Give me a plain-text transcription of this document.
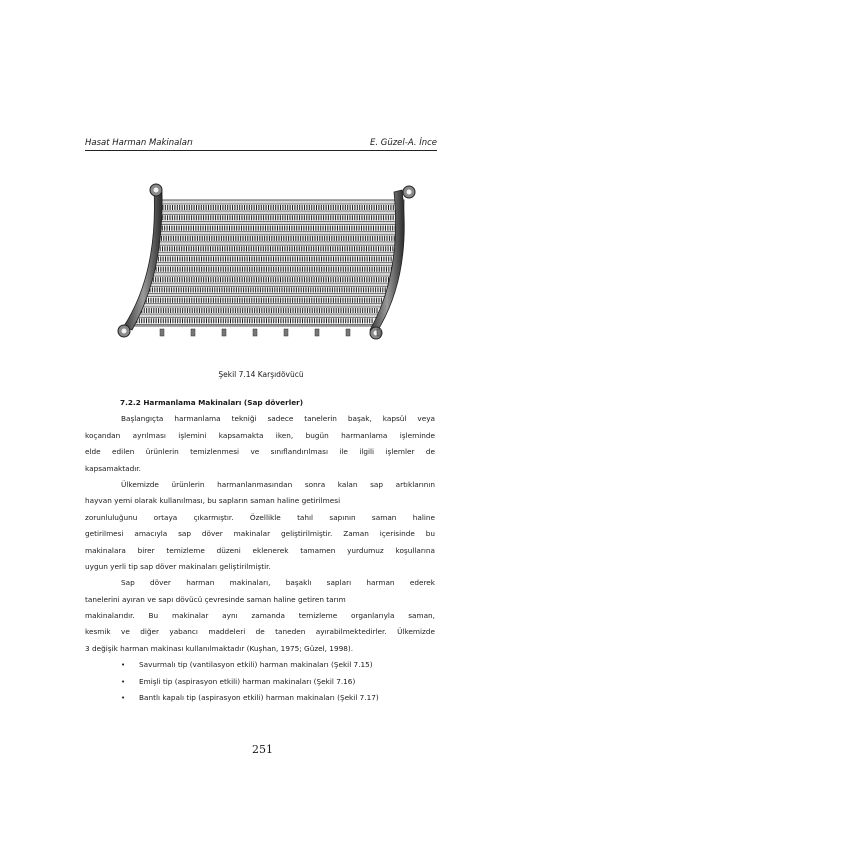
Hasat Harman Makinaları	E. Güzel-A. İnce
Şekil 7.14 Karşıdövücü
7.2.2 Harmanlama Makinaları (Sap döverler)
Başlangıçta harmanlama tekniği sadece tanelerin başak, kapsül veya
koçandan ayrılması işlemini kapsamakta iken, bugün harmanlama işleminde
elde edilen ürünlerin temizlenmesi ve sınıflandırılması ile ilgili işlemler de
kapsamaktadır.
Ülkemizde ürünlerin harmanlanmasından sonra kalan sap artıklarının
hayvan yemi olarak kullanılması, bu sapların saman haline getirilmesi
zorunluluğunu ortaya çıkarmıştır. Özellikle tahıl sapının saman haline
getirilmesi amacıyla sap döver makinalar geliştirilmiştir. Zaman içerisinde bu
makinalara birer temizleme düzeni eklenerek tamamen yurdumuz koşullarına
uygun yerli tip sap döver makinaları geliştirilmiştir.
Sap döver harman makinaları, başaklı sapları harman ederek
tanelerini ayıran ve sapı dövücü çevresinde saman haline getiren tarım
makinalarıdır. Bu makinalar aynı zamanda temizleme organlarıyla saman,
kesmik ve diğer yabancı maddeleri de taneden ayırabilmektedirler. Ülkemizde
3 değişik harman makinası kullanılmaktadır (Kuşhan, 1975; Güzel, 1998).
• Savurmalı tip (vantilasyon etkili) harman makinaları (Şekil 7.15)
• Emişli tip (aspirasyon etkili) harman makinaları (Şekil 7.16)
• Bantlı kapalı tip (aspirasyon etkili) harman makinaları (Şekil 7.17)
251
